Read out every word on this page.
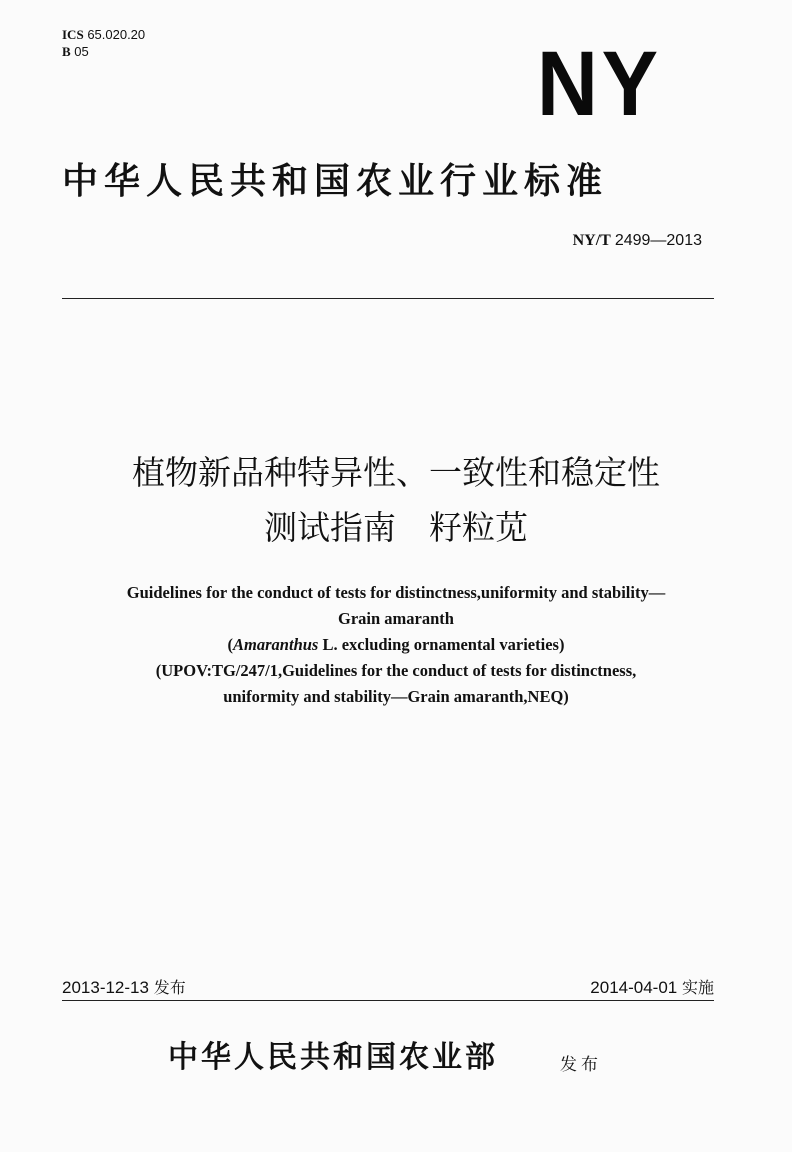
ICS 65.020.20
B 05	NY
中华人民共和国农业行业标准
NY/T 2499—2013
植物新品种特异性、一致性和稳定性
测试指南　籽粒苋
Guidelines for the conduct of tests for distinctness,uniformity and stability—
Grain amaranth
(Amaranthus L. excluding ornamental varieties)
(UPOV:TG/247/1,Guidelines for the conduct of tests for distinctness,
uniformity and stability—Grain amaranth,NEQ)
2013-12-13 发布	2014-04-01 实施
中华人民共和国农业部	发布
